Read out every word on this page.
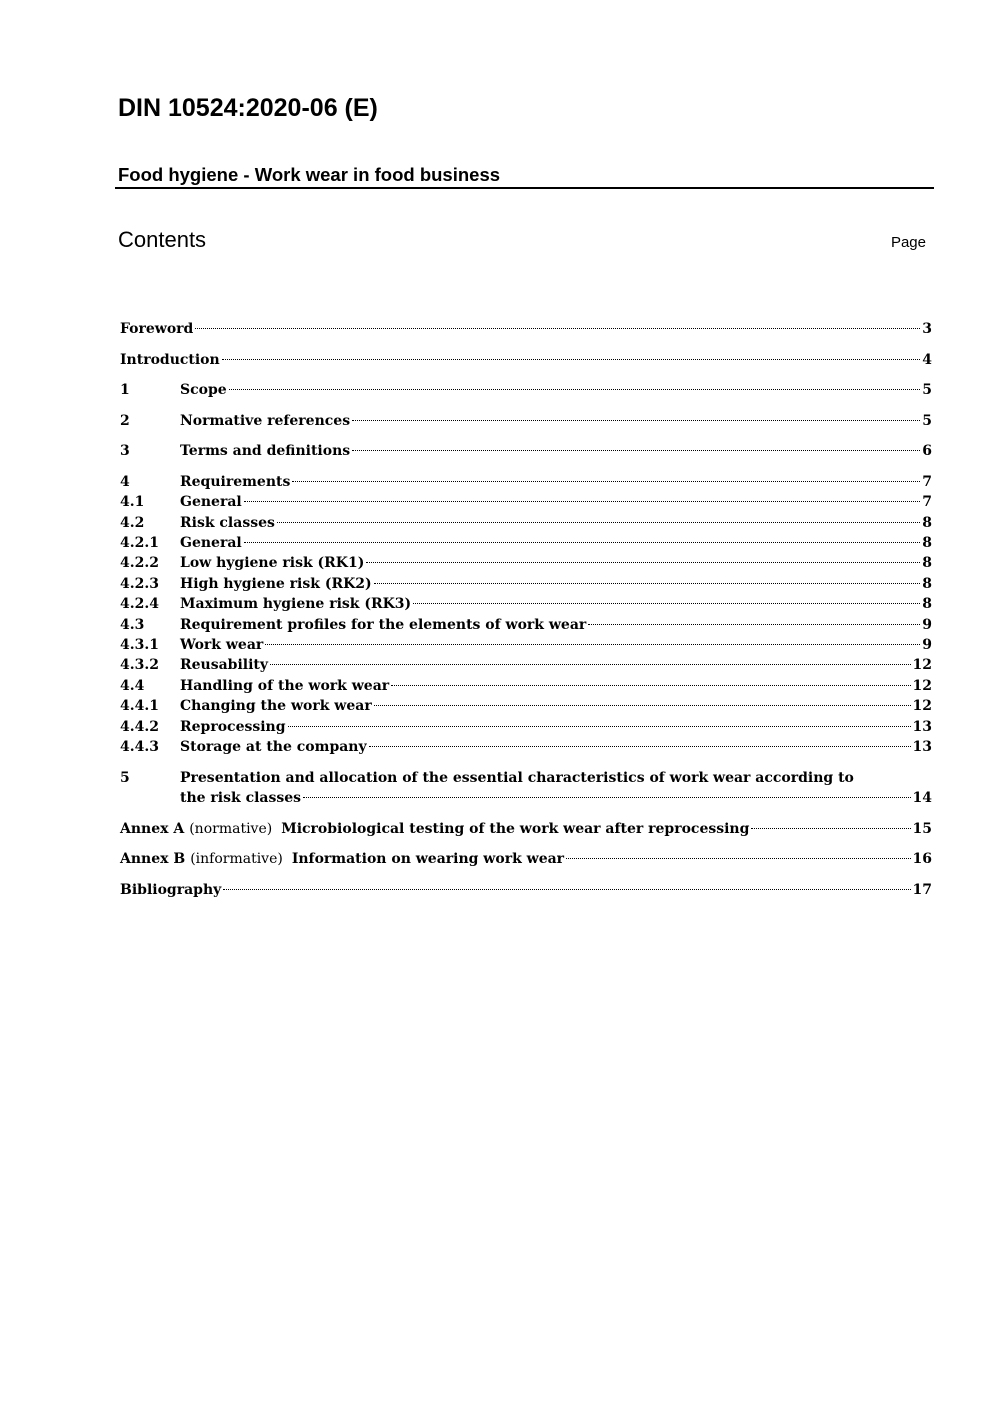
DIN 10524:2020-06 (E)
Food hygiene - Work wear in food business
Contents	Page
Foreword	3
Introduction	4
1	Scope	5
2	Normative references	5
3	Terms and definitions	6
4	Requirements	7
4.1	General	7
4.2	Risk classes	8
4.2.1 General	8
4.2.2 Low hygiene risk (RK1)	8
4.2.3 High hygiene risk (RK2)	8
4.2.4 Maximum hygiene risk (RK3)	8
4.3	Requirement profiles for the elements of work wear	9
4.3.1 Work wear	9
4.3.2 Reusability	12
4.4	Handling of the work wear	12
4.4.1 Changing the work wear	12
4.4.2 Reprocessing	13
4.4.3 Storage at the company	13
5	Presentation and allocation of the essential characteristics of work wear according to
the risk classes	14
Annex A (normative) Microbiological testing of the work wear after reprocessing	15
Annex B (informative) Information on wearing work wear	16
Bibliography	17
